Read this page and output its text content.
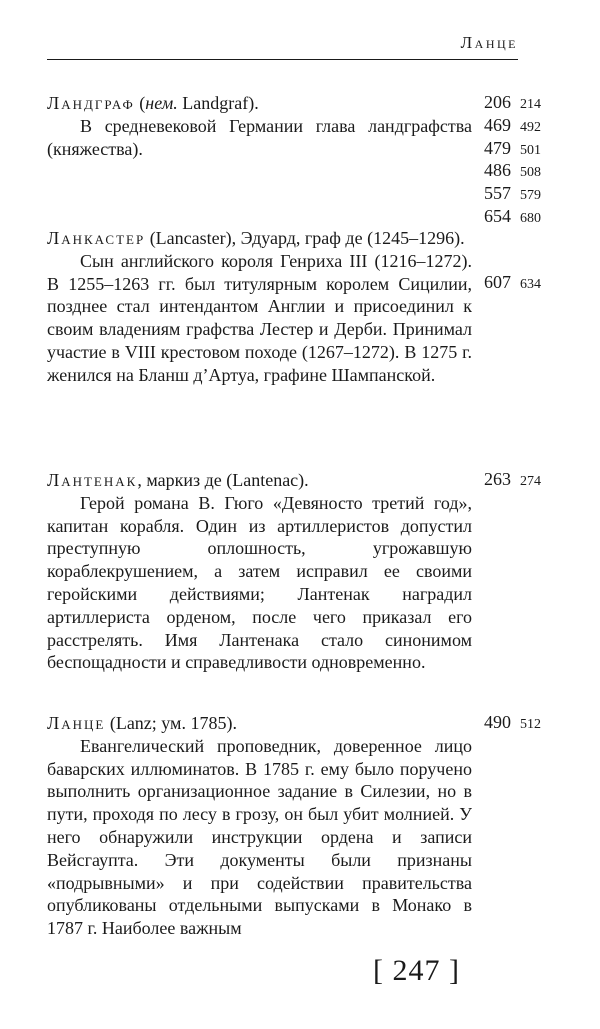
Ланце
Ландграф (нем. Landgraf).
В средневековой Германии глава ландграфства (княжества).
206 214
469 492
479 501
486 508
557 579
654 680
Ланкастер (Lancaster), Эдуард, граф де (1245–1296).
Сын английского короля Генриха III (1216–1272). В 1255–1263 гг. был титулярным королем Сицилии, позднее стал интендантом Англии и присоединил к своим владениям графства Лестер и Дерби. Принимал участие в VIII крестовом походе (1267–1272). В 1275 г. женился на Бланш д’Артуа, графине Шампанской.
607 634
Лантенак, маркиз де (Lantenac).
Герой романа В. Гюго «Девяносто третий год», капитан корабля. Один из артиллеристов допустил преступную оплошность, угрожавшую кораблекрушением, а затем исправил ее своими геройскими действиями; Лантенак наградил артиллериста орденом, после чего приказал его расстрелять. Имя Лантенака стало синонимом беспощадности и справедливости одновременно.
263 274
Ланце (Lanz; ум. 1785).
Евангелический проповедник, доверенное лицо баварских иллюминатов. В 1785 г. ему было поручено выполнить организационное задание в Силезии, но в пути, проходя по лесу в грозу, он был убит молнией. У него обнаружили инструкции ордена и записи Вейсгаупта. Эти документы были признаны «подрывными» и при содействии правительства опубликованы отдельными выпусками в Монако в 1787 г. Наиболее важным
490 512
[ 247 ]
